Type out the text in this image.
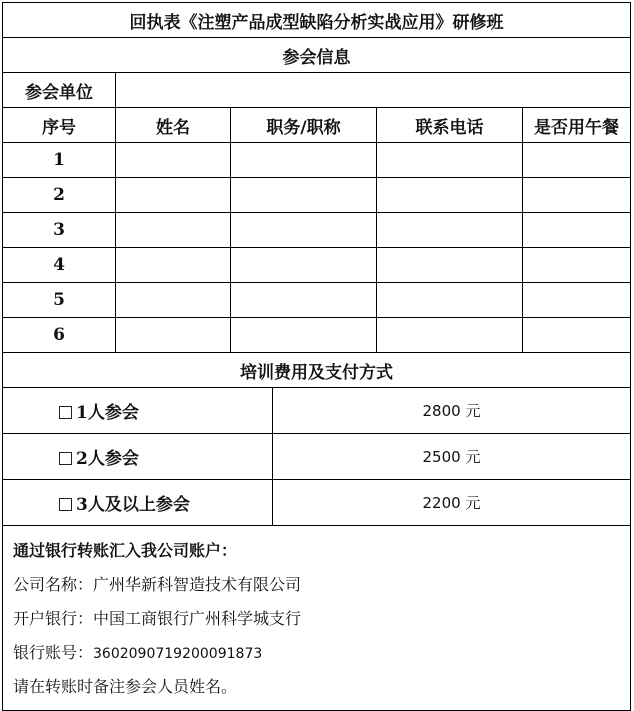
回执表《注塑产品成型缺陷分析实战应用》研修班					
参会信息					
参会单位					
序号	姓名	职务/职称		联系电话	是否用午餐
1					
2					
3					
4					
5					
6					
培训费用及支付方式					
1人参会			2800 元		
2人参会			2500 元		
3人及以上参会			2200 元		

通过银行转账汇入我公司账户：
公司名称：广州华新科智造技术有限公司
开户银行：中国工商银行广州科学城支行
银行账号：3602090719200091873
请在转账时备注参会人员姓名。					
